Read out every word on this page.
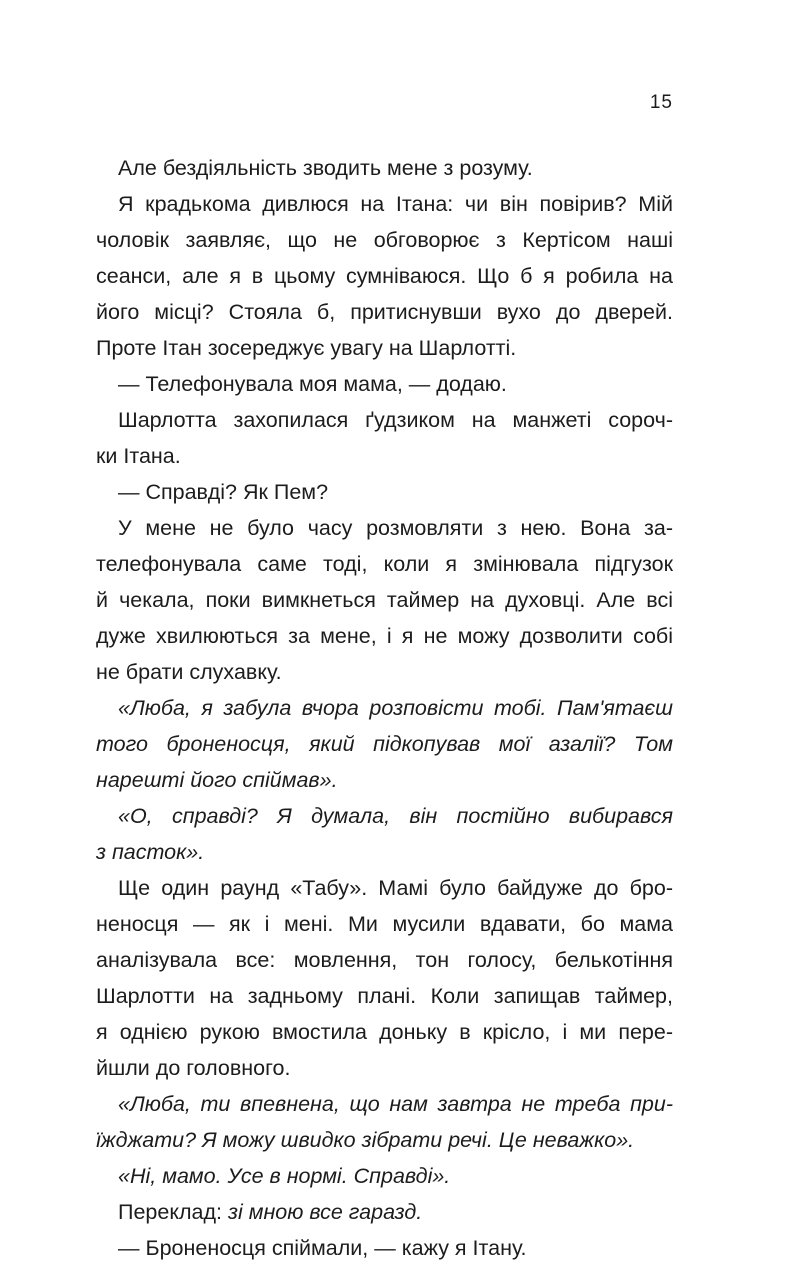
15
Але бездіяльність зводить мене з розуму.
Я крадькома дивлюся на Ітана: чи він повірив? Мій
чоловік заявляє, що не обговорює з Кертісом наші
сеанси, але я в цьому сумніваюся. Що б я робила на
його місці? Стояла б, притиснувши вухо до дверей.
Проте Ітан зосереджує увагу на Шарлотті.
— Телефонувала моя мама, — додаю.
Шарлотта захопилася ґудзиком на манжеті сороч-
ки Ітана.
— Справді? Як Пем?
У мене не було часу розмовляти з нею. Вона за-
телефонувала саме тоді, коли я змінювала підгузок
й чекала, поки вимкнеться таймер на духовці. Але всі
дуже хвилюються за мене, і я не можу дозволити собі
не брати слухавку.
«Люба, я забула вчора розповісти тобі. Пам'ятаєш
того броненосця, який підкопував мої азалії? Том
нарешті його спіймав».
«О, справді? Я думала, він постійно вибирався
з пасток».
Ще один раунд «Табу». Мамі було байдуже до бро-
неносця — як і мені. Ми мусили вдавати, бо мама
аналізувала все: мовлення, тон голосу, белькотіння
Шарлотти на задньому плані. Коли запищав таймер,
я однією рукою вмостила доньку в крісло, і ми пере-
йшли до головного.
«Люба, ти впевнена, що нам завтра не треба при-
їжджати? Я можу швидко зібрати речі. Це неважко».
«Ні, мамо. Усе в нормі. Справді».
Переклад: зі мною все гаразд.
— Броненосця спіймали, — кажу я Ітану.
